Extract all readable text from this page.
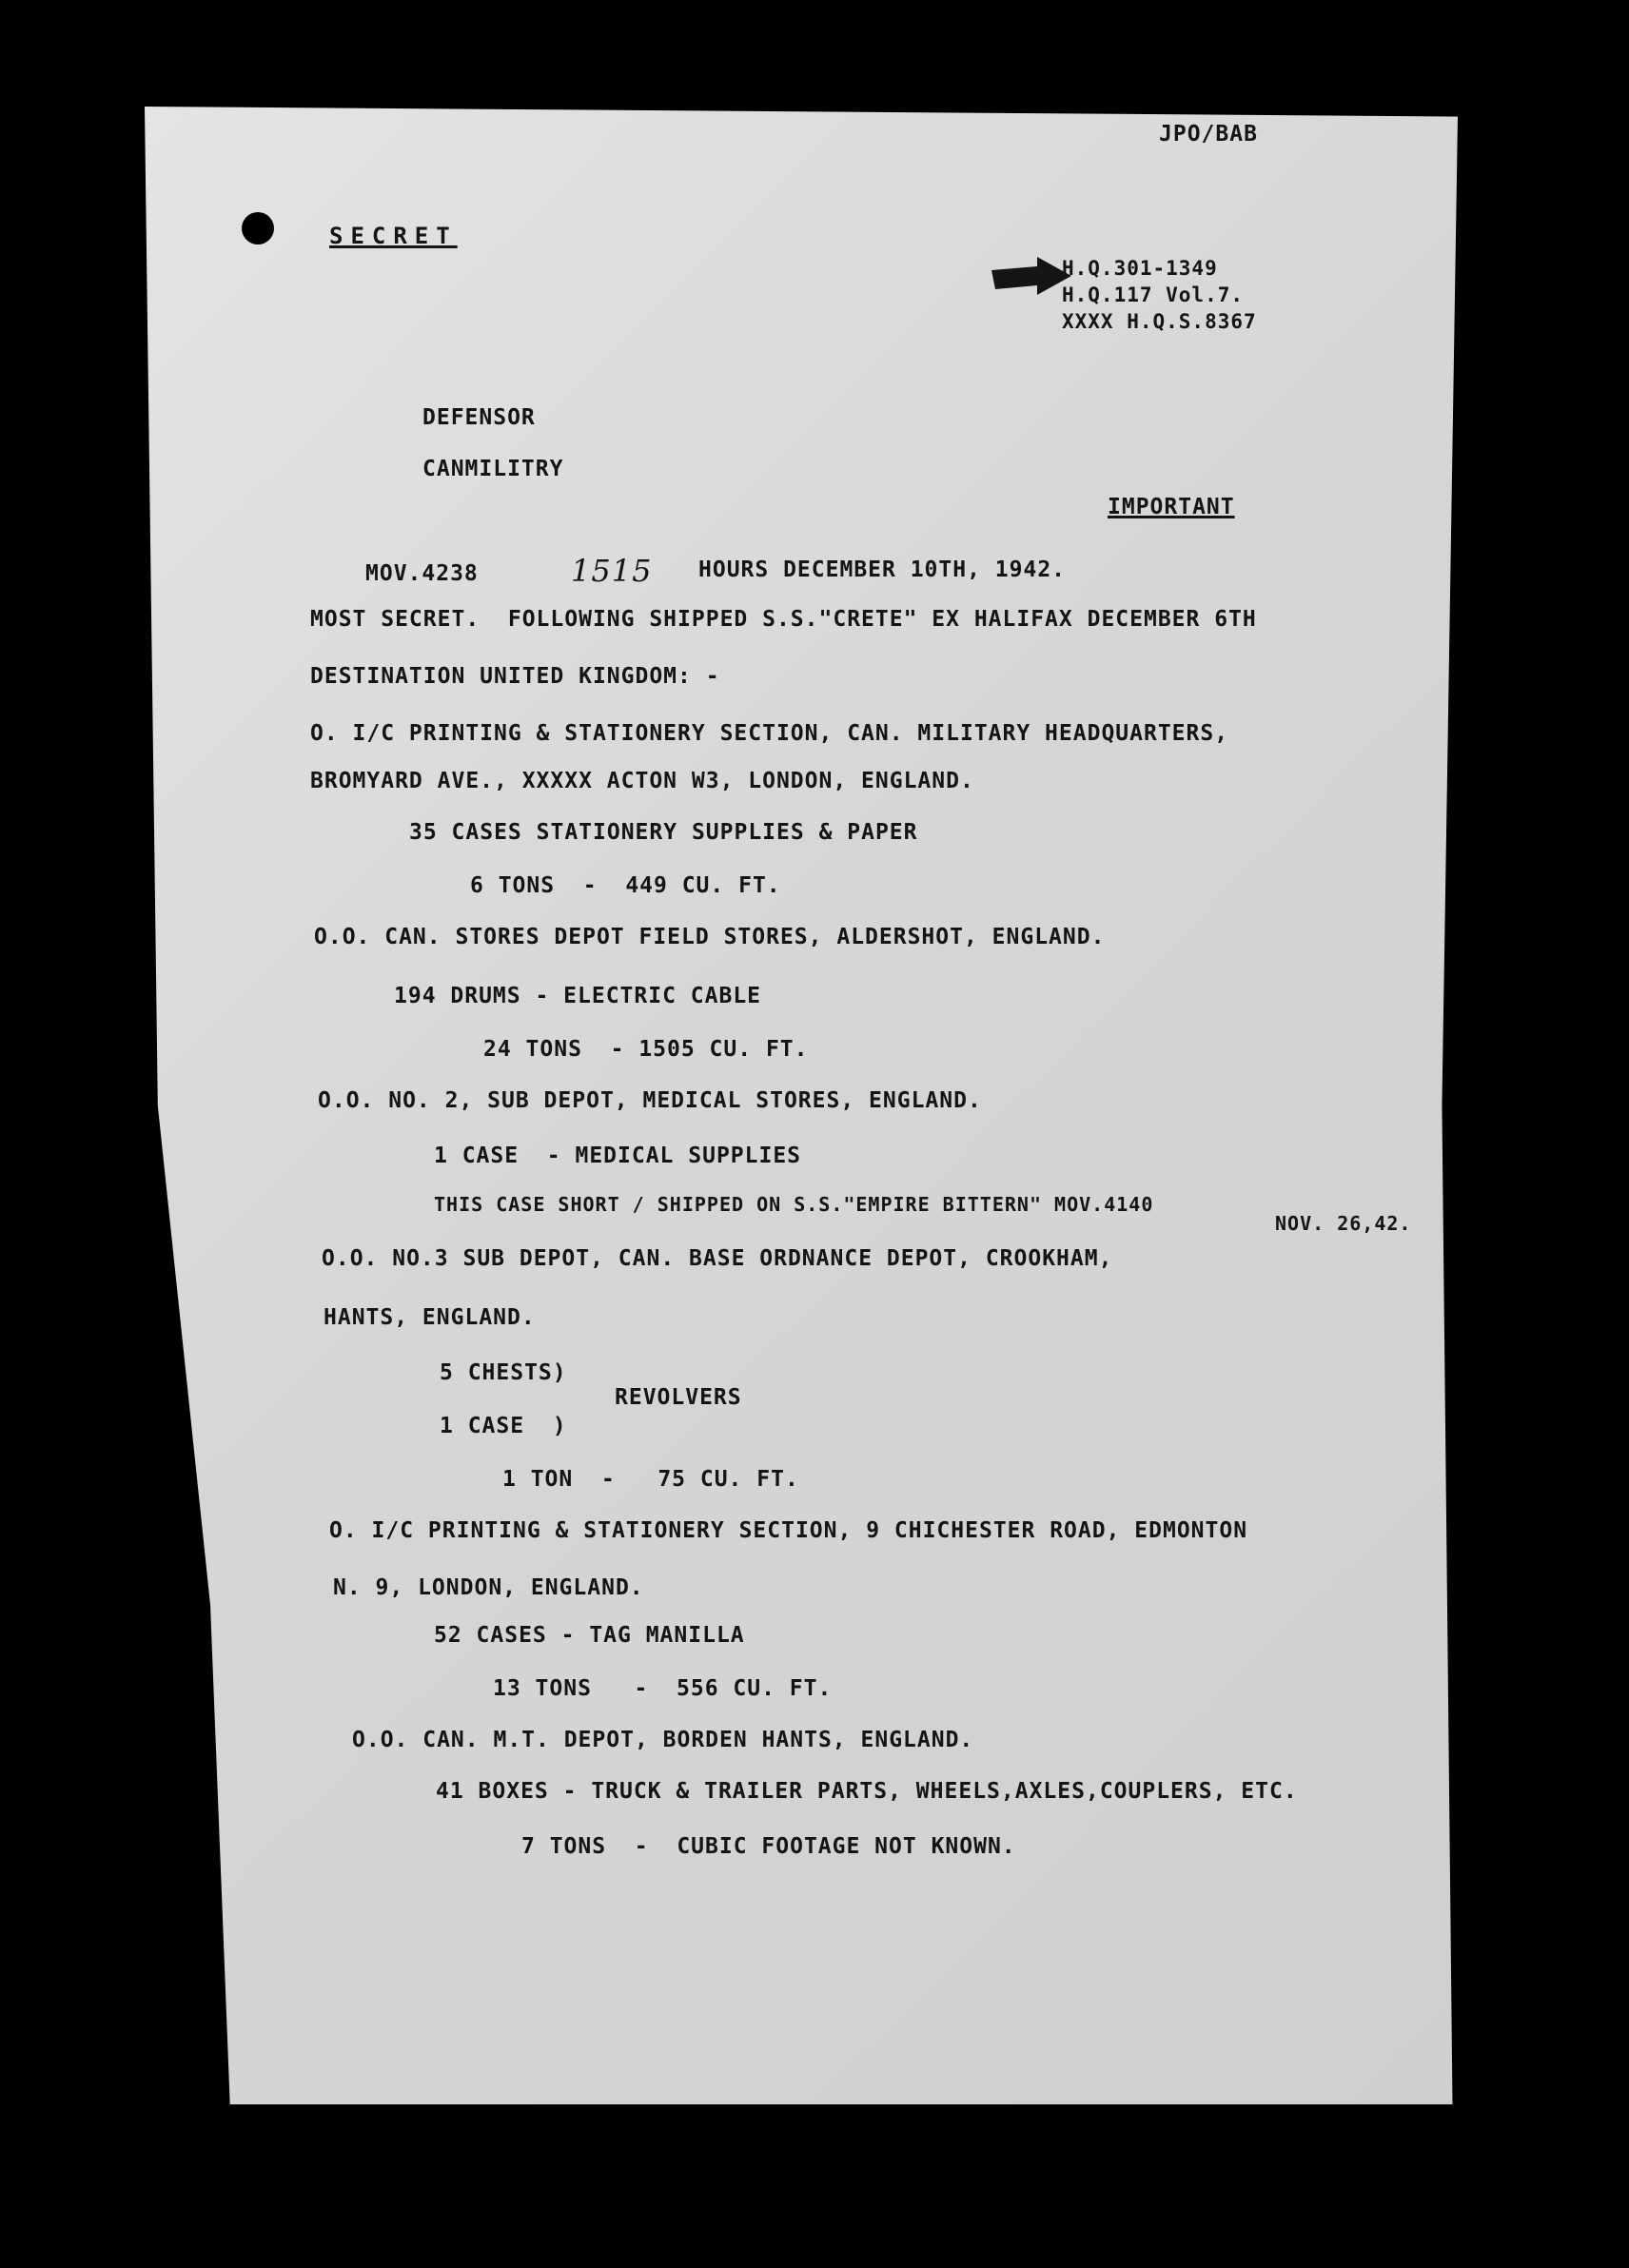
JPO/BAB
SECRET
H.Q.301-1349
H.Q.117 Vol.7.
XXXX H.Q.S.8367
DEFENSOR
CANMILITRY
IMPORTANT
MOV.4238	1515 HOURS DECEMBER 10TH, 1942.
MOST SECRET.  FOLLOWING SHIPPED S.S."CRETE" EX HALIFAX DECEMBER 6TH
DESTINATION UNITED KINGDOM: -
O. I/C PRINTING & STATIONERY SECTION, CAN. MILITARY HEADQUARTERS,
BROMYARD AVE., XXXXX ACTON W3, LONDON, ENGLAND.
35 CASES STATIONERY SUPPLIES & PAPER
6 TONS  -  449 CU. FT.
O.O. CAN. STORES DEPOT FIELD STORES, ALDERSHOT, ENGLAND.
194 DRUMS - ELECTRIC CABLE
24 TONS  - 1505 CU. FT.
O.O. NO. 2, SUB DEPOT, MEDICAL STORES, ENGLAND.
1 CASE  - MEDICAL SUPPLIES
THIS CASE SHORT / SHIPPED ON S.S."EMPIRE BITTERN" MOV.4140
NOV. 26,42.
O.O. NO.3 SUB DEPOT, CAN. BASE ORDNANCE DEPOT, CROOKHAM,
HANTS, ENGLAND.
5 CHESTS)
1 CASE  )
REVOLVERS
1 TON  -   75 CU. FT.
O. I/C PRINTING & STATIONERY SECTION, 9 CHICHESTER ROAD, EDMONTON
N. 9, LONDON, ENGLAND.
52 CASES - TAG MANILLA
13 TONS   -  556 CU. FT.
O.O. CAN. M.T. DEPOT, BORDEN HANTS, ENGLAND.
41 BOXES - TRUCK & TRAILER PARTS, WHEELS,AXLES,COUPLERS, ETC.
7 TONS  -  CUBIC FOOTAGE NOT KNOWN.
